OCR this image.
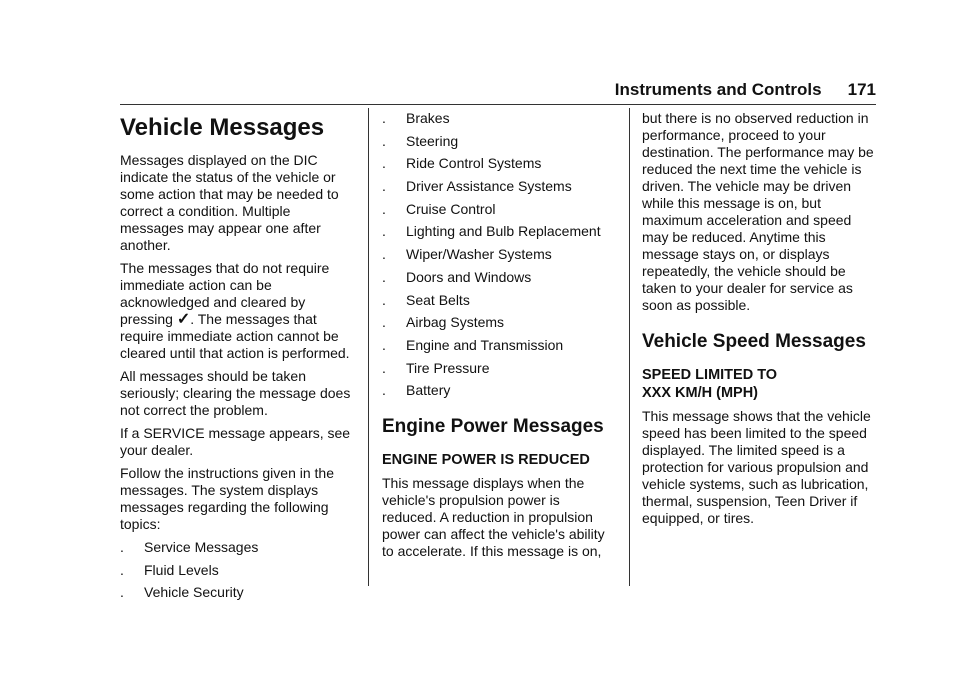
Instruments and Controls 171
Vehicle Messages

Messages displayed on the DIC indicate the status of the vehicle or some action that may be needed to correct a condition. Multiple messages may appear one after another.

The messages that do not require immediate action can be acknowledged and cleared by pressing ✓. The messages that require immediate action cannot be cleared until that action is performed.

All messages should be taken seriously; clearing the message does not correct the problem.

If a SERVICE message appears, see your dealer.

Follow the instructions given in the messages. The system displays messages regarding the following topics:

.	Service Messages
.	Fluid Levels
.	Vehicle Security
.	Brakes
.	Steering
.	Ride Control Systems
.	Driver Assistance Systems
.	Cruise Control
.	Lighting and Bulb Replacement
.	Wiper/Washer Systems
.	Doors and Windows
.	Seat Belts
.	Airbag Systems
.	Engine and Transmission
.	Tire Pressure
.	Battery
Engine Power Messages
ENGINE POWER IS REDUCED

This message displays when the vehicle's propulsion power is reduced. A reduction in propulsion power can affect the vehicle's ability to accelerate. If this message is on,

but there is no observed reduction in performance, proceed to your destination. The performance may be reduced the next time the vehicle is driven. The vehicle may be driven while this message is on, but maximum acceleration and speed may be reduced. Anytime this message stays on, or displays repeatedly, the vehicle should be taken to your dealer for service as soon as possible.

Vehicle Speed Messages
SPEED LIMITED TO
XXX KM/H (MPH)

This message shows that the vehicle speed has been limited to the speed displayed. The limited speed is a protection for various propulsion and vehicle systems, such as lubrication, thermal, suspension, Teen Driver if equipped, or tires.
